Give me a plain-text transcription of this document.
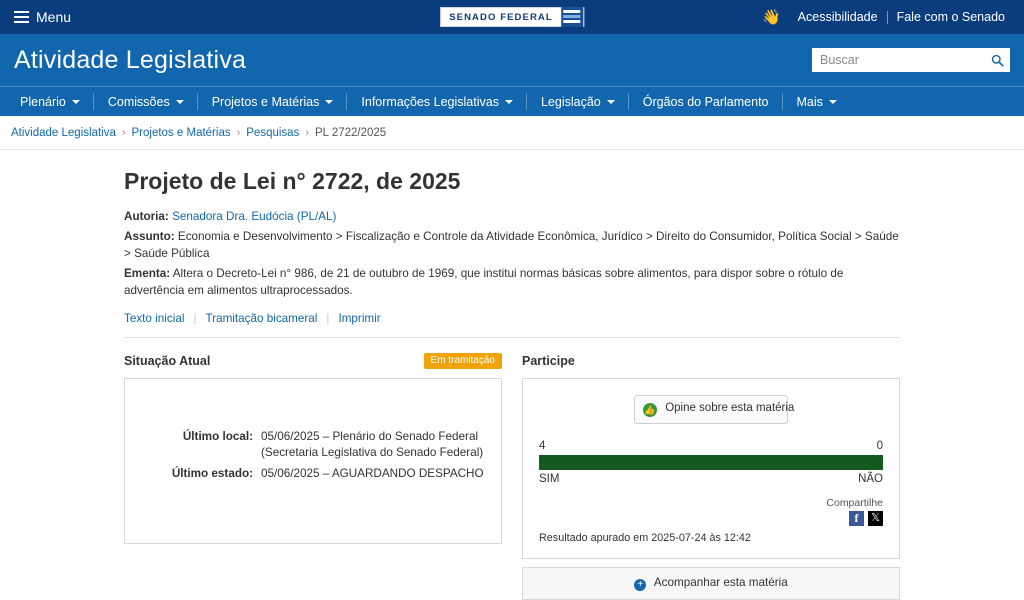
Menu	SENADO FEDERAL	👋	Acessibilidade	Fale com o Senado
Atividade Legislativa
Buscar
Plenário	Comissões	Projetos e Matérias	Informações Legislativas	Legislação	Órgãos do Parlamento Mais
Atividade Legislativa › Projetos e Matérias › Pesquisas › PL 2722/2025
Projeto de Lei n° 2722, de 2025
Autoria: Senadora Dra. Eudócia (PL/AL)
Assunto: Economia e Desenvolvimento > Fiscalização e Controle da Atividade Econômica, Jurídico > Direito do Consumidor, Política Social > Saúde > Saúde Pública
Ementa: Altera o Decreto-Lei n° 986, de 21 de outubro de 1969, que institui normas básicas sobre alimentos, para dispor sobre o rótulo de advertência em alimentos ultraprocessados.
Texto inicial | Tramitação bicameral | Imprimir
Situação Atual	Em tramitação
Último local:	05/06/2025 – Plenário do Senado Federal (Secretaria Legislativa do Senado Federal)
Último estado:	05/06/2025 – AGUARDANDO DESPACHO
Participe
👍 Opine sobre esta matéria
4	0
SIM	NÃO
Compartilhe
f	𝕏
Resultado apurado em 2025-07-24 às 12:42
+ Acompanhar esta matéria
